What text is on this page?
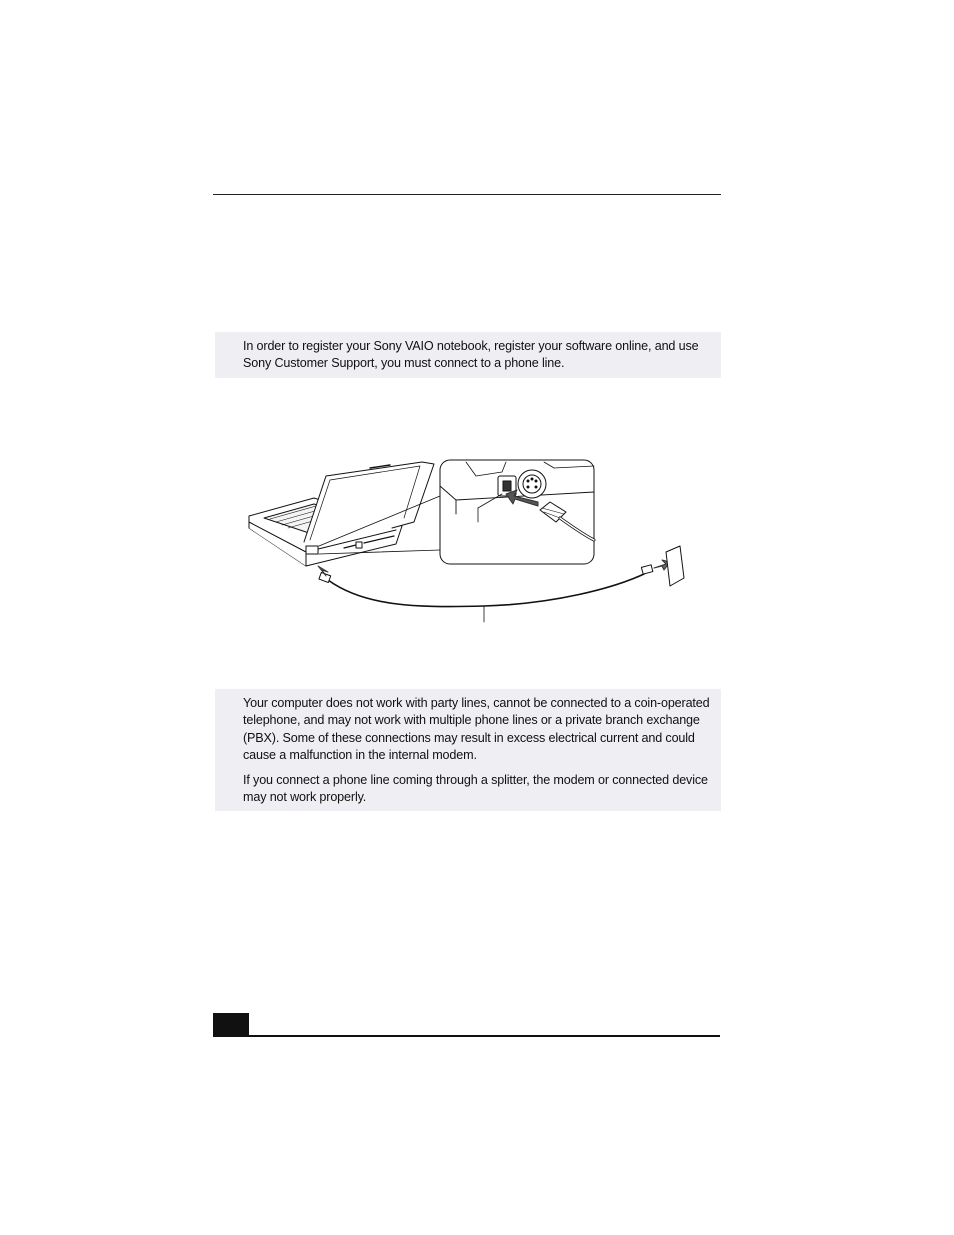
In order to register your Sony VAIO notebook, register your software online, and use Sony Customer Support, you must connect to a phone line.

Your computer does not work with party lines, cannot be connected to a coin-operated telephone, and may not work with multiple phone lines or a private branch exchange (PBX). Some of these connections may result in excess electrical current and could cause a malfunction in the internal modem.

If you connect a phone line coming through a splitter, the modem or connected device may not work properly.
